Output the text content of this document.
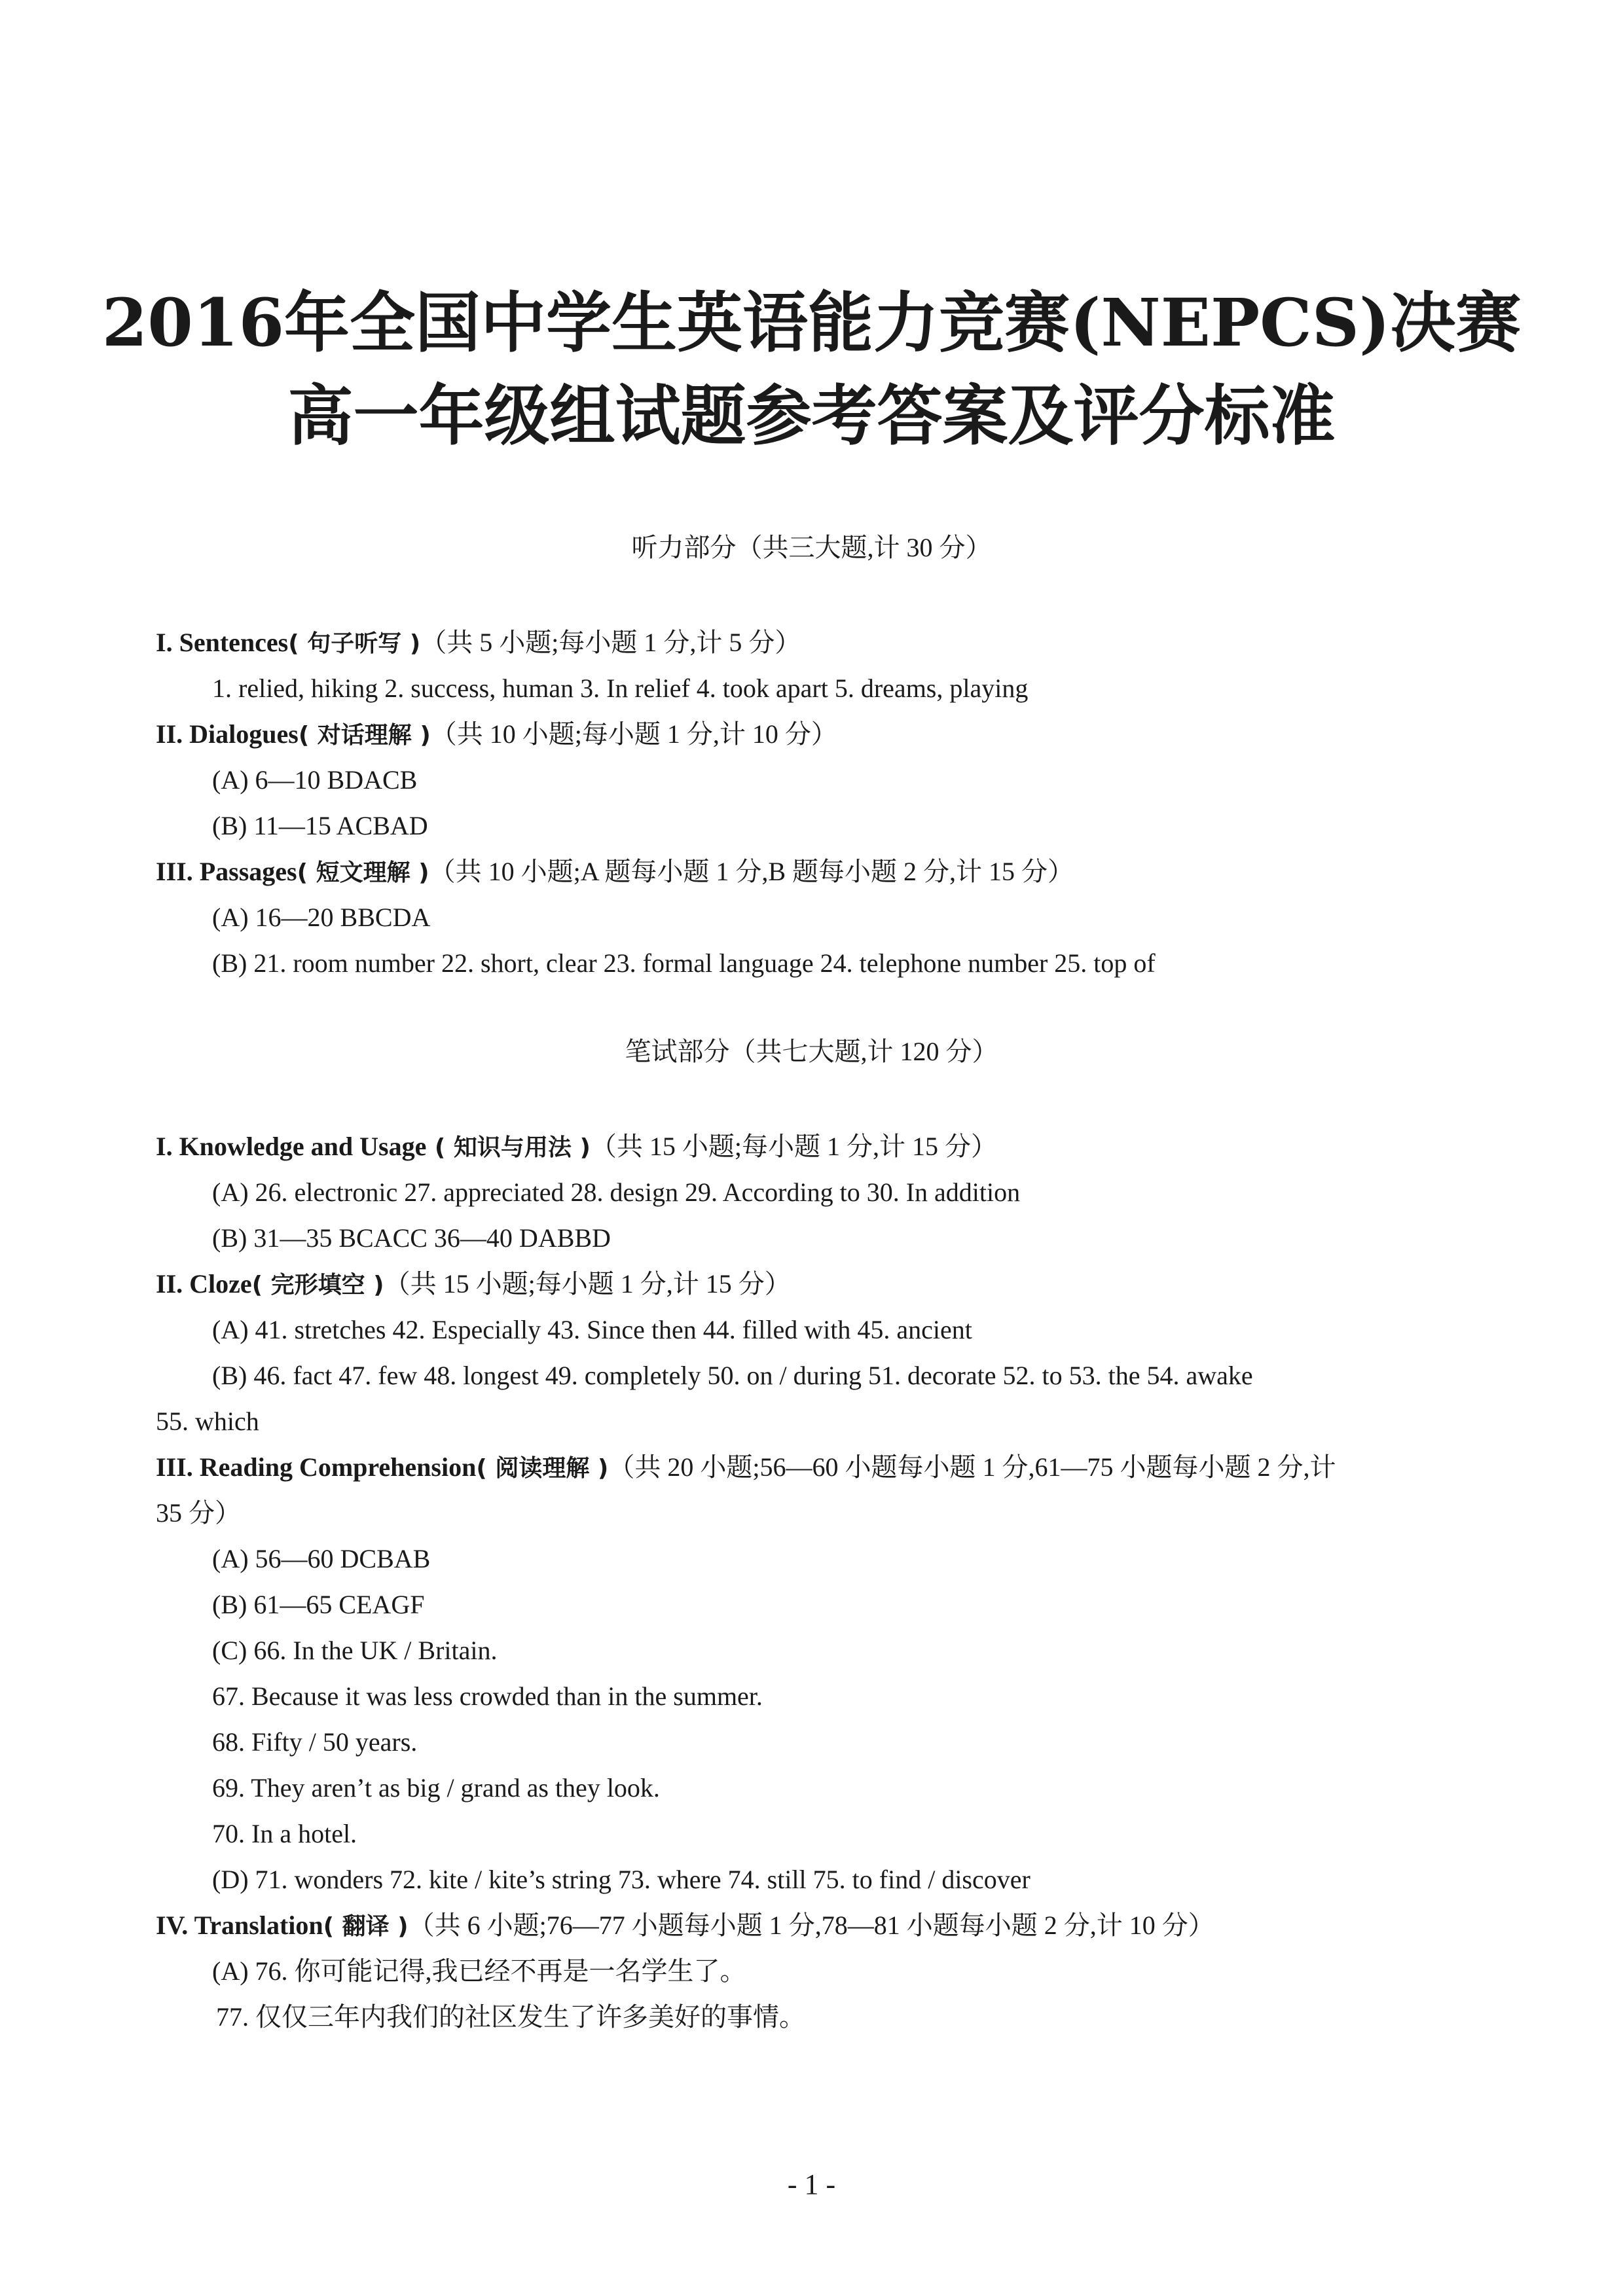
2016年全国中学生英语能力竞赛(NEPCS)决赛
高一年级组试题参考答案及评分标准
听力部分（共三大题,计 30 分）
I. Sentences( 句子听写 )（共 5 小题;每小题 1 分,计 5 分）
1. relied, hiking 2. success, human 3. In relief 4. took apart 5. dreams, playing
II. Dialogues( 对话理解 )（共 10 小题;每小题 1 分,计 10 分）
(A) 6—10 BDACB
(B) 11—15 ACBAD
III. Passages( 短文理解 )（共 10 小题;A 题每小题 1 分,B 题每小题 2 分,计 15 分）
(A) 16—20 BBCDA
(B) 21. room number 22. short, clear 23. formal language 24. telephone number 25. top of
笔试部分（共七大题,计 120 分）
I. Knowledge and Usage ( 知识与用法 )（共 15 小题;每小题 1 分,计 15 分）
(A) 26. electronic 27. appreciated 28. design 29. According to 30. In addition
(B) 31—35 BCACC 36—40 DABBD
II. Cloze( 完形填空 )（共 15 小题;每小题 1 分,计 15 分）
(A) 41. stretches 42. Especially 43. Since then 44. filled with 45. ancient
(B) 46. fact 47. few 48. longest 49. completely 50. on / during 51. decorate 52. to 53. the 54. awake
55. which
III. Reading Comprehension( 阅读理解 )（共 20 小题;56—60 小题每小题 1 分,61—75 小题每小题 2 分,计
35 分）
(A) 56—60 DCBAB
(B) 61—65 CEAGF
(C) 66. In the UK / Britain.
67. Because it was less crowded than in the summer.
68. Fifty / 50 years.
69. They aren’t as big / grand as they look.
70. In a hotel.
(D) 71. wonders 72. kite / kite’s string 73. where 74. still 75. to find / discover
IV. Translation( 翻译 )（共 6 小题;76—77 小题每小题 1 分,78—81 小题每小题 2 分,计 10 分）
(A) 76. 你可能记得,我已经不再是一名学生了。
77. 仅仅三年内我们的社区发生了许多美好的事情。
- 1 -
